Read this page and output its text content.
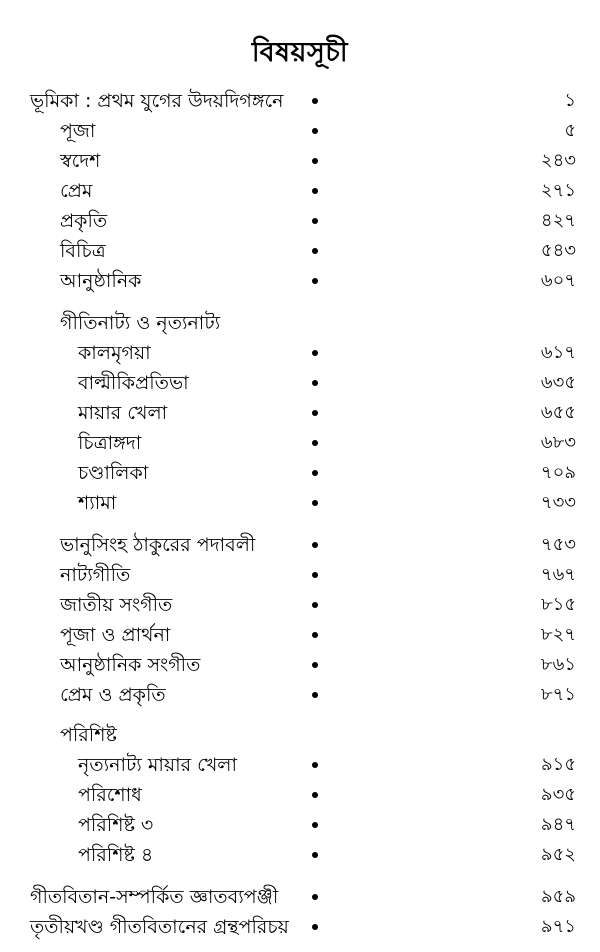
বিষয়সূচী
ভূমিকা : প্রথম যুগের উদয়দিগঙ্গনে	১
পূজা	৫
স্বদেশ	২৪৩
প্রেম	২৭১
প্রকৃতি	৪২৭
বিচিত্র	৫৪৩
আনুষ্ঠানিক	৬০৭
গীতিনাট্য ও নৃত্যনাট্য
কালমৃগয়া	৬১৭
বাল্মীকিপ্রতিভা	৬৩৫
মায়ার খেলা	৬৫৫
চিত্রাঙ্গদা	৬৮৩
চণ্ডালিকা	৭০৯
শ্যামা	৭৩৩
ভানুসিংহ ঠাকুরের পদাবলী	৭৫৩
নাট্যগীতি	৭৬৭
জাতীয় সংগীত	৮১৫
পূজা ও প্রার্থনা	৮২৭
আনুষ্ঠানিক সংগীত	৮৬১
প্রেম ও প্রকৃতি	৮৭১
পরিশিষ্ট
নৃত্যনাট্য মায়ার খেলা	৯১৫
পরিশোধ	৯৩৫
পরিশিষ্ট ৩	৯৪৭
পরিশিষ্ট ৪	৯৫২
গীতবিতান-সম্পর্কিত জ্ঞাতব্যপঞ্জী	৯৫৯
তৃতীয়খণ্ড গীতবিতানের গ্রন্থপরিচয়	৯৭১
